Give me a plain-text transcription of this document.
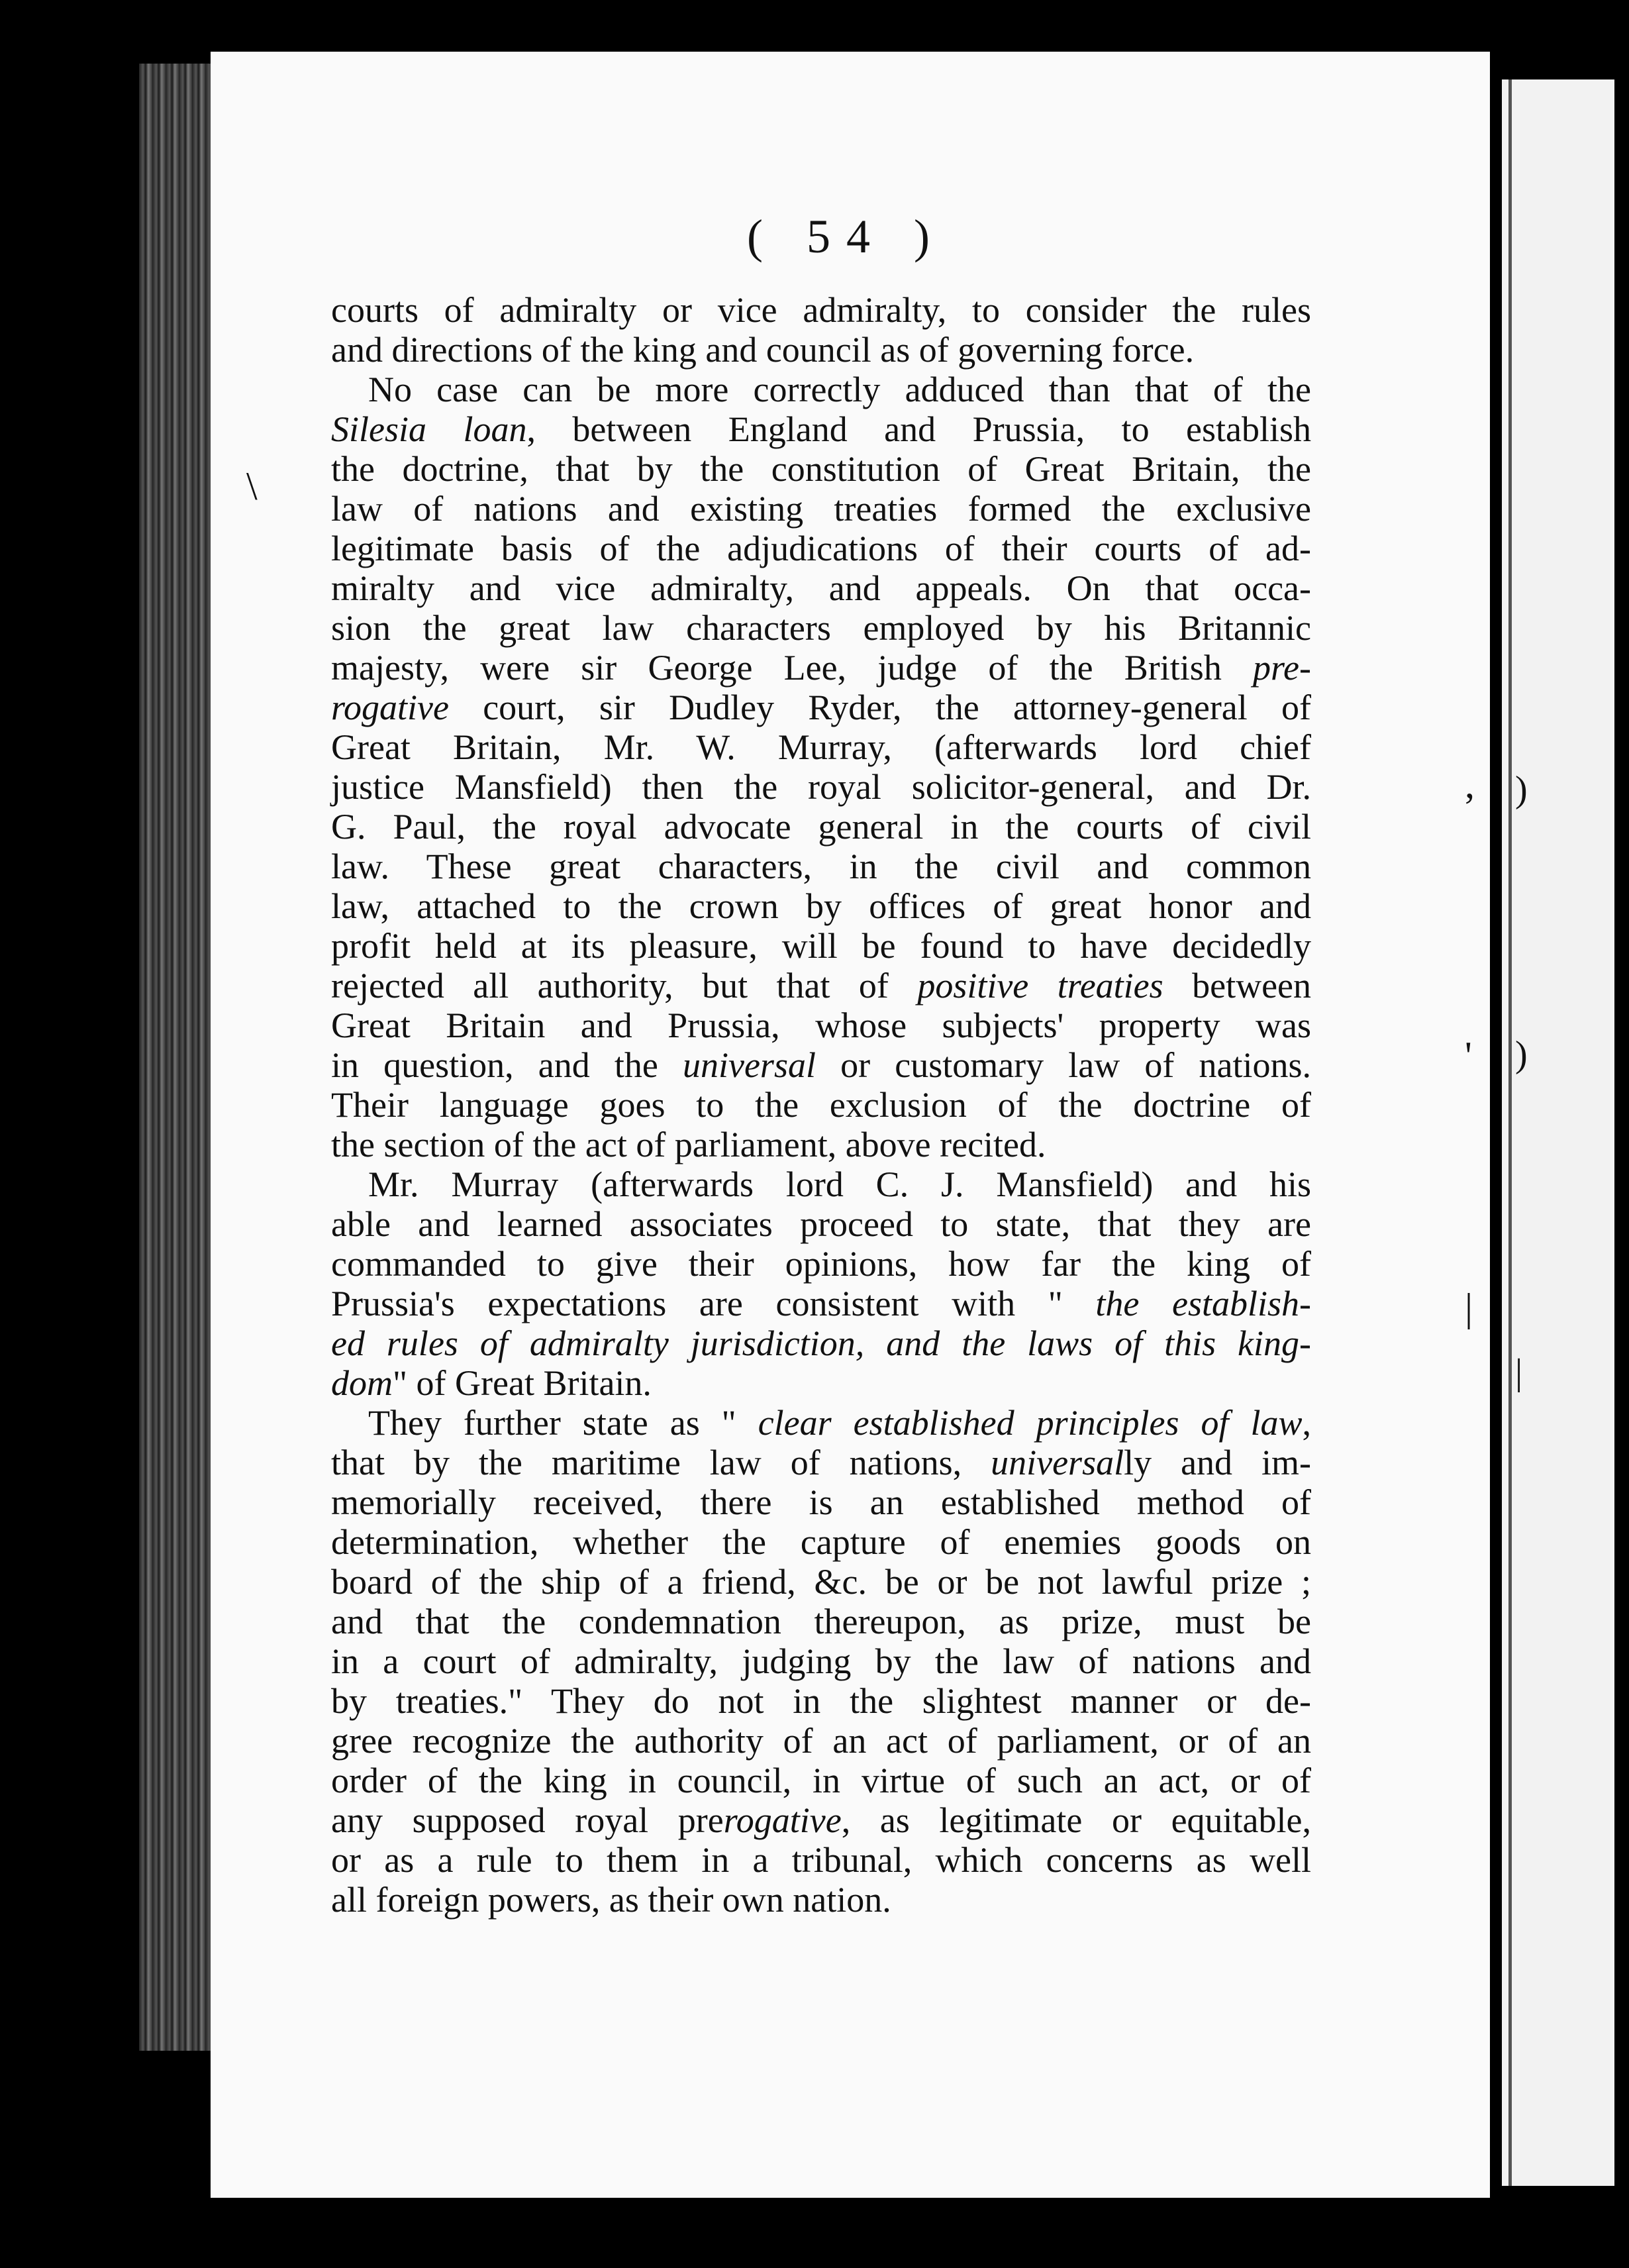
)
)
|
\
,
'
|
( 54 )
courts of admiralty or vice admiralty, to consider the rules
and directions of the king and council as of governing force.
No case can be more correctly adduced than that of the
Silesia loan, between England and Prussia, to establish
the doctrine, that by the constitution of Great Britain, the
law of nations and existing treaties formed the exclusive
legitimate basis of the adjudications of their courts of ad-
miralty and vice admiralty, and appeals. On that occa-
sion the great law characters employed by his Britannic
majesty, were sir George Lee, judge of the British pre-
rogative court, sir Dudley Ryder, the attorney-general of
Great Britain, Mr. W. Murray, (afterwards lord chief
justice Mansfield) then the royal solicitor-general, and Dr.
G. Paul, the royal advocate general in the courts of civil
law. These great characters, in the civil and common
law, attached to the crown by offices of great honor and
profit held at its pleasure, will be found to have decidedly
rejected all authority, but that of positive treaties between
Great Britain and Prussia, whose subjects' property was
in question, and the universal or customary law of nations.
Their language goes to the exclusion of the doctrine of
the section of the act of parliament, above recited.
Mr. Murray (afterwards lord C. J. Mansfield) and his
able and learned associates proceed to state, that they are
commanded to give their opinions, how far the king of
Prussia's expectations are consistent with " the establish-
ed rules of admiralty jurisdiction, and the laws of this king-
dom" of Great Britain.
They further state as " clear established principles of law,
that by the maritime law of nations, universally and im-
memorially received, there is an established method of
determination, whether the capture of enemies goods on
board of the ship of a friend, &c. be or be not lawful prize ;
and that the condemnation thereupon, as prize, must be
in a court of admiralty, judging by the law of nations and
by treaties." They do not in the slightest manner or de-
gree recognize the authority of an act of parliament, or of an
order of the king in council, in virtue of such an act, or of
any supposed royal prerogative, as legitimate or equitable,
or as a rule to them in a tribunal, which concerns as well
all foreign powers, as their own nation.
